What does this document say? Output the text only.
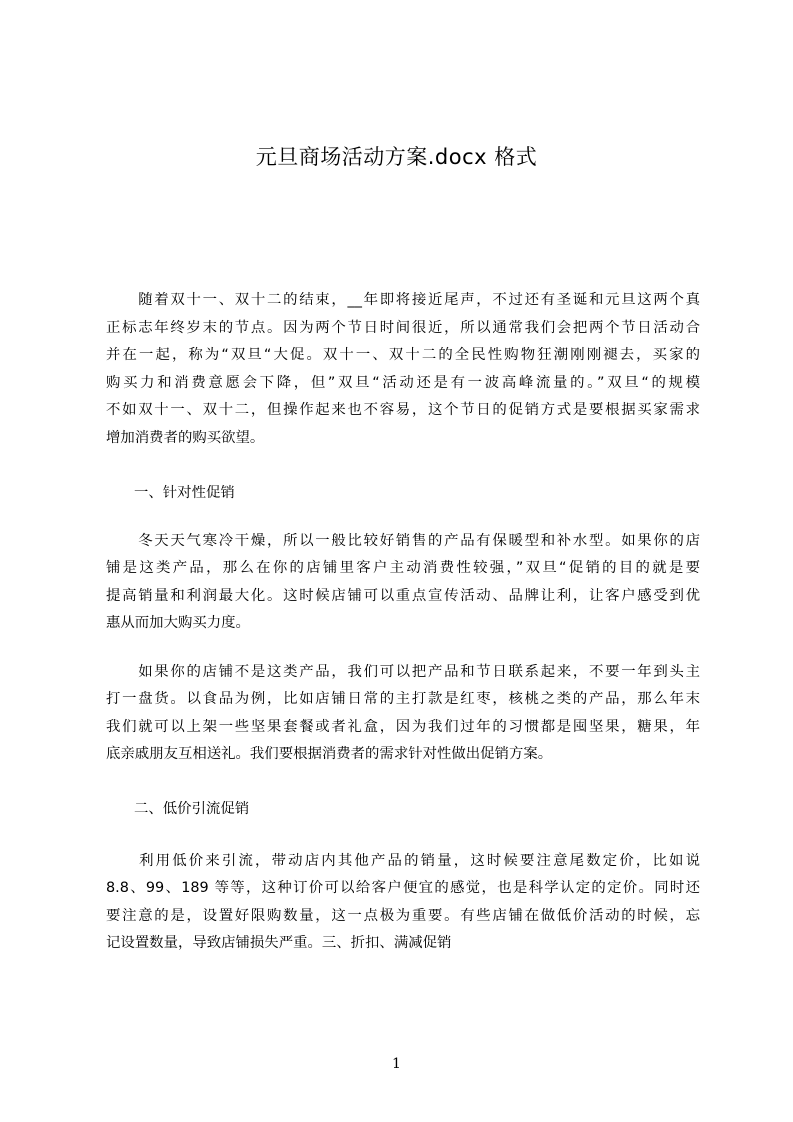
元旦商场活动方案.docx 格式
　　随着双十一、双十二的结束，__年即将接近尾声，不过还有圣诞和元旦这两个真
正标志年终岁末的节点。因为两个节日时间很近，所以通常我们会把两个节日活动合
并在一起，称为“双旦“大促。双十一、双十二的全民性购物狂潮刚刚褪去，买家的
购买力和消费意愿会下降，但”双旦“活动还是有一波高峰流量的。”双旦“的规模
不如双十一、双十二，但操作起来也不容易，这个节日的促销方式是要根据买家需求
增加消费者的购买欲望。
一、针对性促销
　　冬天天气寒冷干燥，所以一般比较好销售的产品有保暖型和补水型。如果你的店
铺是这类产品，那么在你的店铺里客户主动消费性较强，”双旦“促销的目的就是要
提高销量和利润最大化。这时候店铺可以重点宣传活动、品牌让利，让客户感受到优
惠从而加大购买力度。
　　如果你的店铺不是这类产品，我们可以把产品和节日联系起来，不要一年到头主
打一盘货。以食品为例，比如店铺日常的主打款是红枣，核桃之类的产品，那么年末
我们就可以上架一些坚果套餐或者礼盒，因为我们过年的习惯都是囤坚果，糖果，年
底亲戚朋友互相送礼。我们要根据消费者的需求针对性做出促销方案。
二、低价引流促销
　　利用低价来引流，带动店内其他产品的销量，这时候要注意尾数定价，比如说
8.8、99、189 等等，这种订价可以给客户便宜的感觉，也是科学认定的定价。同时还
要注意的是，设置好限购数量，这一点极为重要。有些店铺在做低价活动的时候，忘
记设置数量，导致店铺损失严重。三、折扣、满减促销
1
